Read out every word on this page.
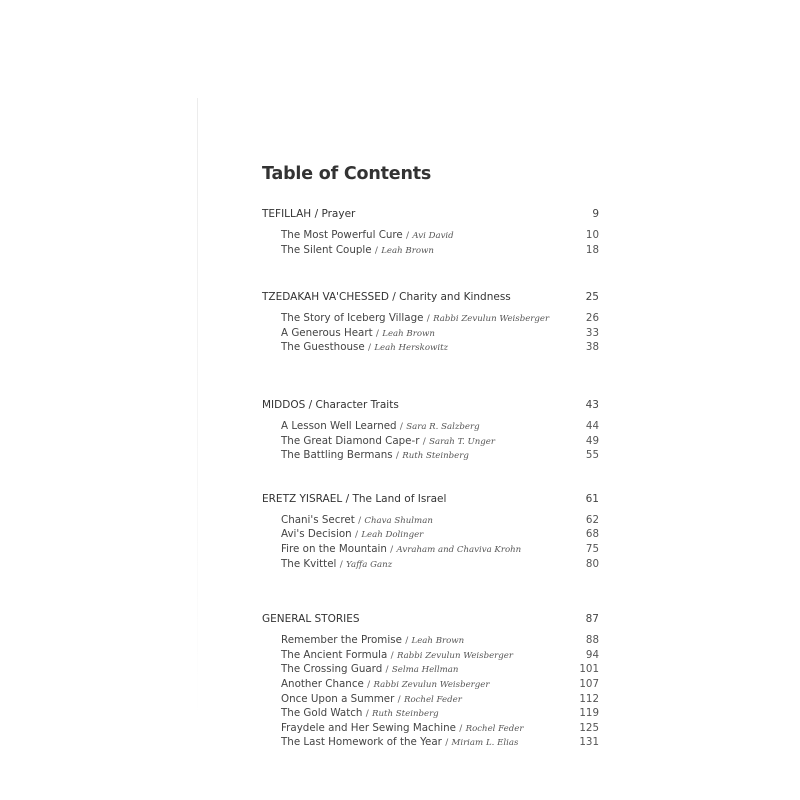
Table of Contents
TEFILLAH / Prayer	9
The Most Powerful Cure / Avi David	10
The Silent Couple / Leah Brown	18
TZEDAKAH VA'CHESSED / Charity and Kindness	25
The Story of Iceberg Village / Rabbi Zevulun Weisberger	26
A Generous Heart / Leah Brown	33
The Guesthouse / Leah Herskowitz	38
MIDDOS / Character Traits	43
A Lesson Well Learned / Sara R. Salzberg	44
The Great Diamond Cape-r / Sarah T. Unger	49
The Battling Bermans / Ruth Steinberg	55
ERETZ YISRAEL / The Land of Israel	61
Chani's Secret / Chava Shulman	62
Avi's Decision / Leah Dolinger	68
Fire on the Mountain / Avraham and Chaviva Krohn	75
The Kvittel / Yaffa Ganz	80
GENERAL STORIES	87
Remember the Promise / Leah Brown	88
The Ancient Formula / Rabbi Zevulun Weisberger	94
The Crossing Guard / Selma Hellman	101
Another Chance / Rabbi Zevulun Weisberger	107
Once Upon a Summer / Rochel Feder	112
The Gold Watch / Ruth Steinberg	119
Fraydele and Her Sewing Machine / Rochel Feder	125
The Last Homework of the Year / Miriam L. Elias	131
